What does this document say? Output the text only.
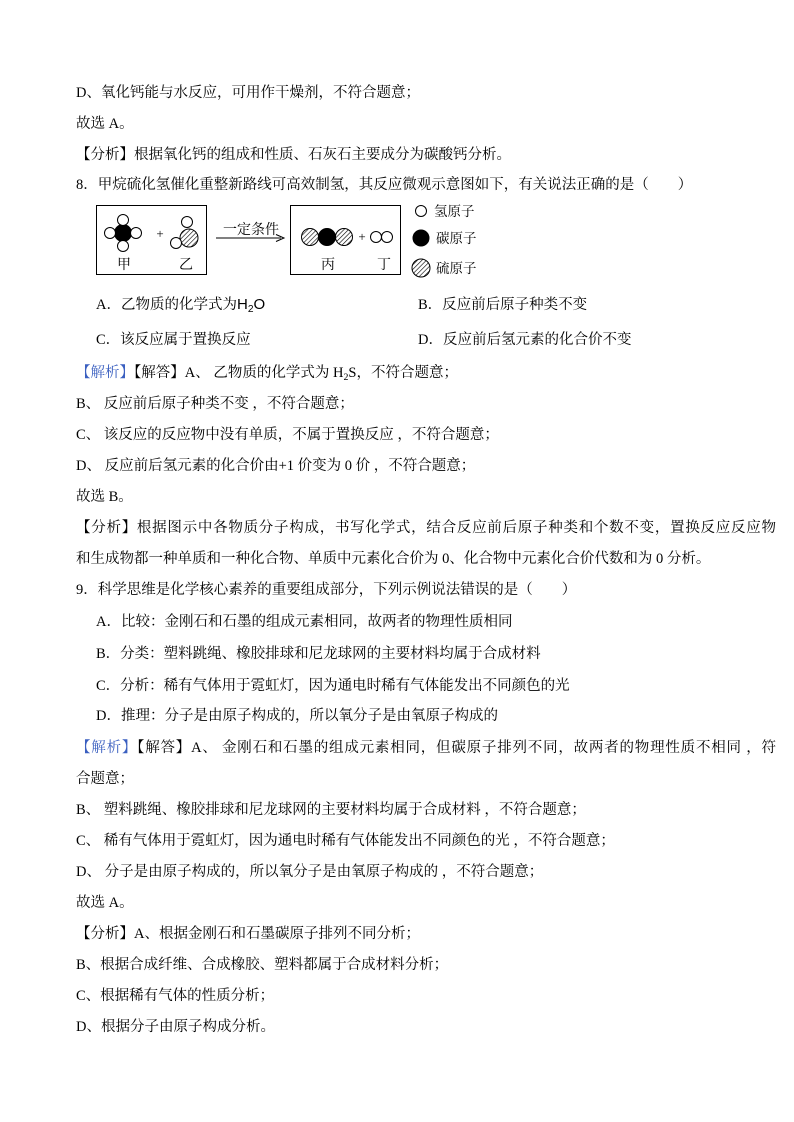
D、氧化钙能与水反应，可用作干燥剂，不符合题意；
故选 A。
【分析】根据氧化钙的组成和性质、石灰石主要成分为碳酸钙分析。
8．甲烷硫化氢催化重整新路线可高效制氢，其反应微观示意图如下，有关说法正确的是（　　）
+
甲	乙
一定条件	+
丙	丁
氢原子
碳原子
硫原子
A．乙物质的化学式为$H_2O$	B．反应前后原子种类不变
C．该反应属于置换反应	D．反应前后氢元素的化合价不变
【解析】【解答】A、 乙物质的化学式为 $H_2S$，不符合题意；
B、 反应前后原子种类不变 ，不符合题意；
C、 该反应的反应物中没有单质，不属于置换反应 ，不符合题意；
D、 反应前后氢元素的化合价由+1 价变为 0 价 ，不符合题意；
故选 B。
【分析】根据图示中各物质分子构成，书写化学式，结合反应前后原子种类和个数不变，置换反应反应物
和生成物都一种单质和一种化合物、单质中元素化合价为 0、化合物中元素化合价代数和为 0 分析。
9．科学思维是化学核心素养的重要组成部分，下列示例说法错误的是（　　）
A．比较：金刚石和石墨的组成元素相同，故两者的物理性质相同
B．分类：塑料跳绳、橡胶排球和尼龙球网的主要材料均属于合成材料
C．分析：稀有气体用于霓虹灯，因为通电时稀有气体能发出不同颜色的光
D．推理：分子是由原子构成的，所以氧分子是由氧原子构成的
【解析】【解答】A、 金刚石和石墨的组成元素相同，但碳原子排列不同，故两者的物理性质不相同 ，符
合题意；
B、 塑料跳绳、橡胶排球和尼龙球网的主要材料均属于合成材料 ，不符合题意；
C、 稀有气体用于霓虹灯，因为通电时稀有气体能发出不同颜色的光 ，不符合题意；
D、 分子是由原子构成的，所以氧分子是由氧原子构成的 ，不符合题意；
故选 A。
【分析】A、根据金刚石和石墨碳原子排列不同分析；
B、根据合成纤维、合成橡胶、塑料都属于合成材料分析；
C、根据稀有气体的性质分析；
D、根据分子由原子构成分析。
